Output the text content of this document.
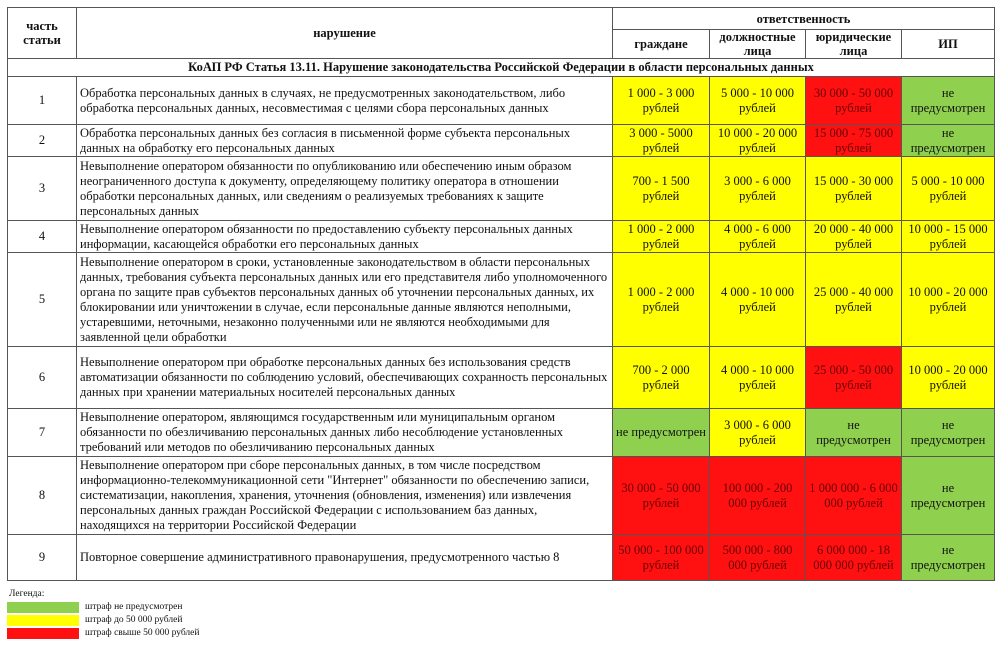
часть статьи	нарушение	ответственность			
		граждане	должностные лица	юридические лица	ИП
КоАП РФ Статья 13.11. Нарушение законодательства Российской Федерации в области персональных данных					
1	Обработка персональных данных в случаях, не предусмотренных законодательством, либо обработка персональных данных, несовместимая с целями сбора персональных данных	1 000 - 3 000 рублей	5 000 - 10 000 рублей	30 000 - 50 000 рублей	не предусмотрен
2	Обработка персональных данных без согласия в письменной форме субъекта персональных данных на обработку его персональных данных	3 000 - 5000 рублей	10 000 - 20 000 рублей	15 000 - 75 000 рублей	не предусмотрен
3	Невыполнение оператором обязанности по опубликованию или обеспечению иным образом неограниченного доступа к документу, определяющему политику оператора в отношении обработки персональных данных, или сведениям о реализуемых требованиях к защите персональных данных	700 - 1 500 рублей	3 000 - 6 000 рублей	15 000 - 30 000 рублей	5 000 - 10 000 рублей
4	Невыполнение оператором обязанности по предоставлению субъекту персональных данных информации, касающейся обработки его персональных данных	1 000 - 2 000 рублей	4 000 - 6 000 рублей	20 000 - 40 000 рублей	10 000 - 15 000 рублей
5	Невыполнение оператором в сроки, установленные законодательством в области персональных данных, требования субъекта персональных данных или его представителя либо уполномоченного органа по защите прав субъектов персональных данных об уточнении персональных данных, их блокировании или уничтожении в случае, если персональные данные являются неполными, устаревшими, неточными, незаконно полученными или не являются необходимыми для заявленной цели обработки	1 000 - 2 000 рублей	4 000 - 10 000 рублей	25 000 - 40 000 рублей	10 000 - 20 000 рублей
6	Невыполнение оператором при обработке персональных данных без использования средств автоматизации обязанности по соблюдению условий, обеспечивающих сохранность персональных данных при хранении материальных носителей персональных данных	700 - 2 000 рублей	4 000 - 10 000 рублей	25 000 - 50 000 рублей	10 000 - 20 000 рублей
7	Невыполнение оператором, являющимся государственным или муниципальным органом обязанности по обезличиванию персональных данных либо несоблюдение установленных требований или методов по обезличиванию персональных данных	не предусмотрен	3 000 - 6 000 рублей	не предусмотрен	не предусмотрен
8	Невыполнение оператором при сборе персональных данных, в том числе посредством информационно-телекоммуникационной сети "Интернет" обязанности по обеспечению записи, систематизации, накопления, хранения, уточнения (обновления, изменения) или извлечения персональных данных граждан Российской Федерации с использованием баз данных, находящихся на территории Российской Федерации	30 000 - 50 000 рублей	100 000 - 200 000 рублей	1 000 000 - 6 000 000 рублей	не предусмотрен
9	Повторное совершение административного правонарушения, предусмотренного частью 8	50 000 - 100 000 рублей	500 000 - 800 000 рублей	6 000 000 - 18 000 000 рублей	не предусмотрен
Легенда:
штраф не предусмотрен
штраф до 50 000 рублей
штраф свыше 50 000 рублей
